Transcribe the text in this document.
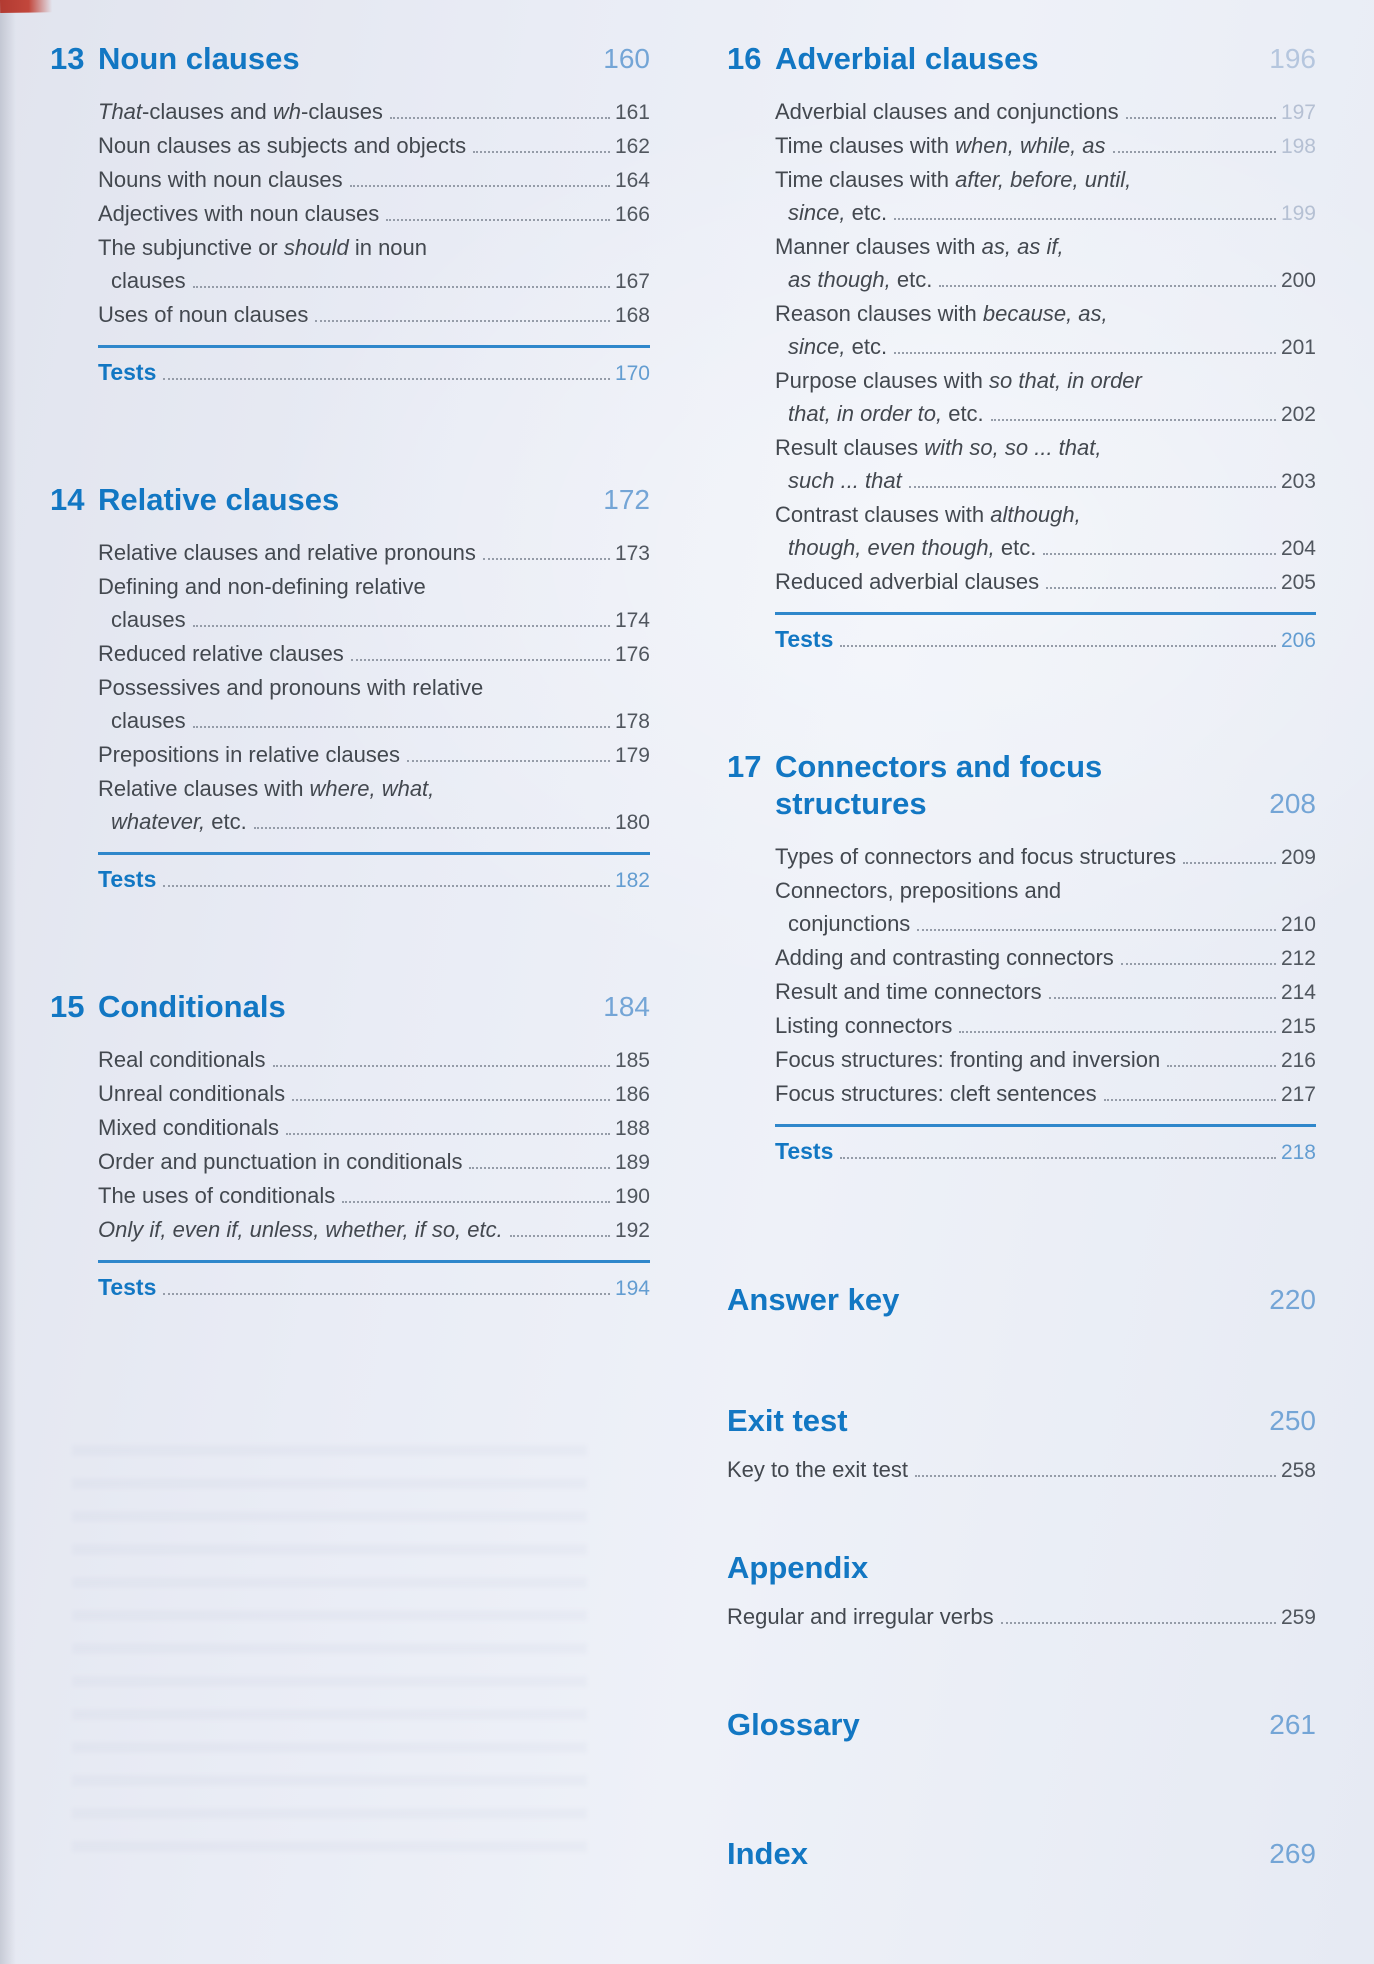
13 Noun clauses	160
That-clauses and wh-clauses	161
Noun clauses as subjects and objects	162
Nouns with noun clauses	164
Adjectives with noun clauses	166
The subjunctive or should in noun
clauses	167
Uses of noun clauses	168
Tests	170
14 Relative clauses	172
Relative clauses and relative pronouns	173
Defining and non-defining relative
clauses	174
Reduced relative clauses	176
Possessives and pronouns with relative
clauses	178
Prepositions in relative clauses	179
Relative clauses with where, what,
whatever, etc.	180
Tests	182
15 Conditionals	184
Real conditionals	185
Unreal conditionals	186
Mixed conditionals	188
Order and punctuation in conditionals	189
The uses of conditionals	190
Only if, even if, unless, whether, if so, etc.	192
Tests	194
16 Adverbial clauses	196
Adverbial clauses and conjunctions	197
Time clauses with when, while, as	198
Time clauses with after, before, until,
since, etc.	199
Manner clauses with as, as if,
as though, etc.	200
Reason clauses with because, as,
since, etc.	201
Purpose clauses with so that, in order
that, in order to, etc.	202
Result clauses with so, so ... that,
such ... that	203
Contrast clauses with although,
though, even though, etc.	204
Reduced adverbial clauses	205
Tests	206
17 Connectors and focus
structures	208
Types of connectors and focus structures	209
Connectors, prepositions and
conjunctions	210
Adding and contrasting connectors	212
Result and time connectors	214
Listing connectors	215
Focus structures: fronting and inversion	216
Focus structures: cleft sentences	217
Tests	218
Answer key	220
Exit test	250
Key to the exit test	258
Appendix
Regular and irregular verbs	259
Glossary	261
Index	269
